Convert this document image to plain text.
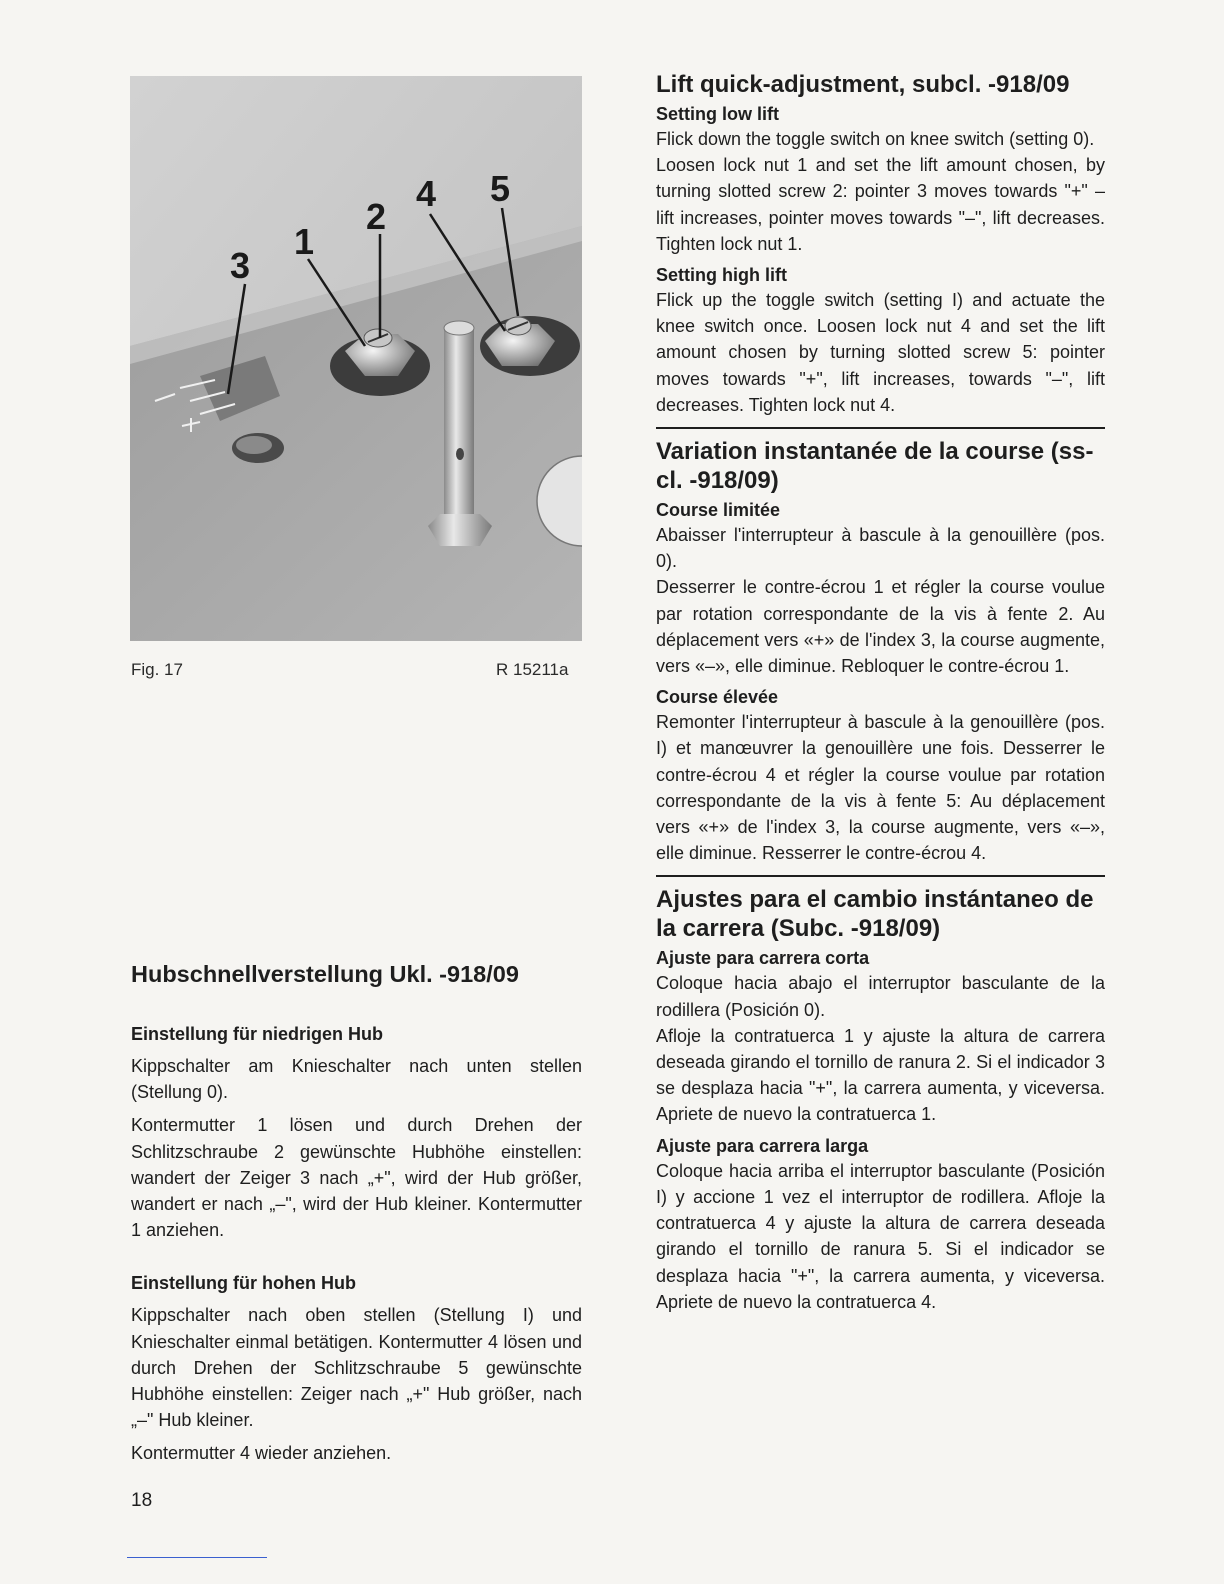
3
1
2
4 5
Fig. 17	R 15211a
Hubschnellverstellung Ukl. -918/09
Einstellung für niedrigen Hub

Kippschalter am Knieschalter nach unten stellen (Stellung 0).

Kontermutter 1 lösen und durch Drehen der Schlitzschraube 2 gewünschte Hubhöhe einstellen: wandert der Zeiger 3 nach „+", wird der Hub größer, wandert er nach „–", wird der Hub kleiner. Kontermutter 1 anziehen.

Einstellung für hohen Hub

Kippschalter nach oben stellen (Stellung I) und Knieschalter einmal betätigen. Kontermutter 4 lösen und durch Drehen der Schlitzschraube 5 gewünschte Hubhöhe einstellen: Zeiger nach „+" Hub größer, nach „–" Hub kleiner.

Kontermutter 4 wieder anziehen.

18
Lift quick-adjustment, subcl. -918/09
Setting low lift

Flick down the toggle switch on knee switch (setting 0).

Loosen lock nut 1 and set the lift amount chosen, by turning slotted screw 2: pointer 3 moves towards "+" – lift increases, pointer moves towards "–", lift decreases. Tighten lock nut 1.

Setting high lift

Flick up the toggle switch (setting I) and actuate the knee switch once. Loosen lock nut 4 and set the lift amount chosen by turning slotted screw 5: pointer moves towards "+", lift increases, towards "–", lift decreases. Tighten lock nut 4.

Variation instantanée de la course (ss-cl. -918/09)
Course limitée

Abaisser l'interrupteur à bascule à la genouillère (pos. 0).

Desserrer le contre-écrou 1 et régler la course voulue par rotation correspondante de la vis à fente 2. Au déplacement vers «+» de l'index 3, la course augmente, vers «–», elle diminue. Rebloquer le contre-écrou 1.

Course élevée

Remonter l'interrupteur à bascule à la genouillère (pos. I) et manœuvrer la genouillère une fois. Desserrer le contre-écrou 4 et régler la course voulue par rotation correspondante de la vis à fente 5: Au déplacement vers «+» de l'index 3, la course augmente, vers «–», elle diminue. Resserrer le contre-écrou 4.

Ajustes para el cambio instántaneo de la carrera (Subc. -918/09)
Ajuste para carrera corta

Coloque hacia abajo el interruptor basculante de la rodillera (Posición 0).

Afloje la contratuerca 1 y ajuste la altura de carrera deseada girando el tornillo de ranura 2. Si el indicador 3 se desplaza hacia "+", la carrera aumenta, y viceversa. Apriete de nuevo la contratuerca 1.

Ajuste para carrera larga

Coloque hacia arriba el interruptor basculante (Posición I) y accione 1 vez el interruptor de rodillera. Afloje la contratuerca 4 y ajuste la altura de carrera deseada girando el tornillo de ranura 5. Si el indicador se desplaza hacia "+", la carrera aumenta, y viceversa. Apriete de nuevo la contratuerca 4.
